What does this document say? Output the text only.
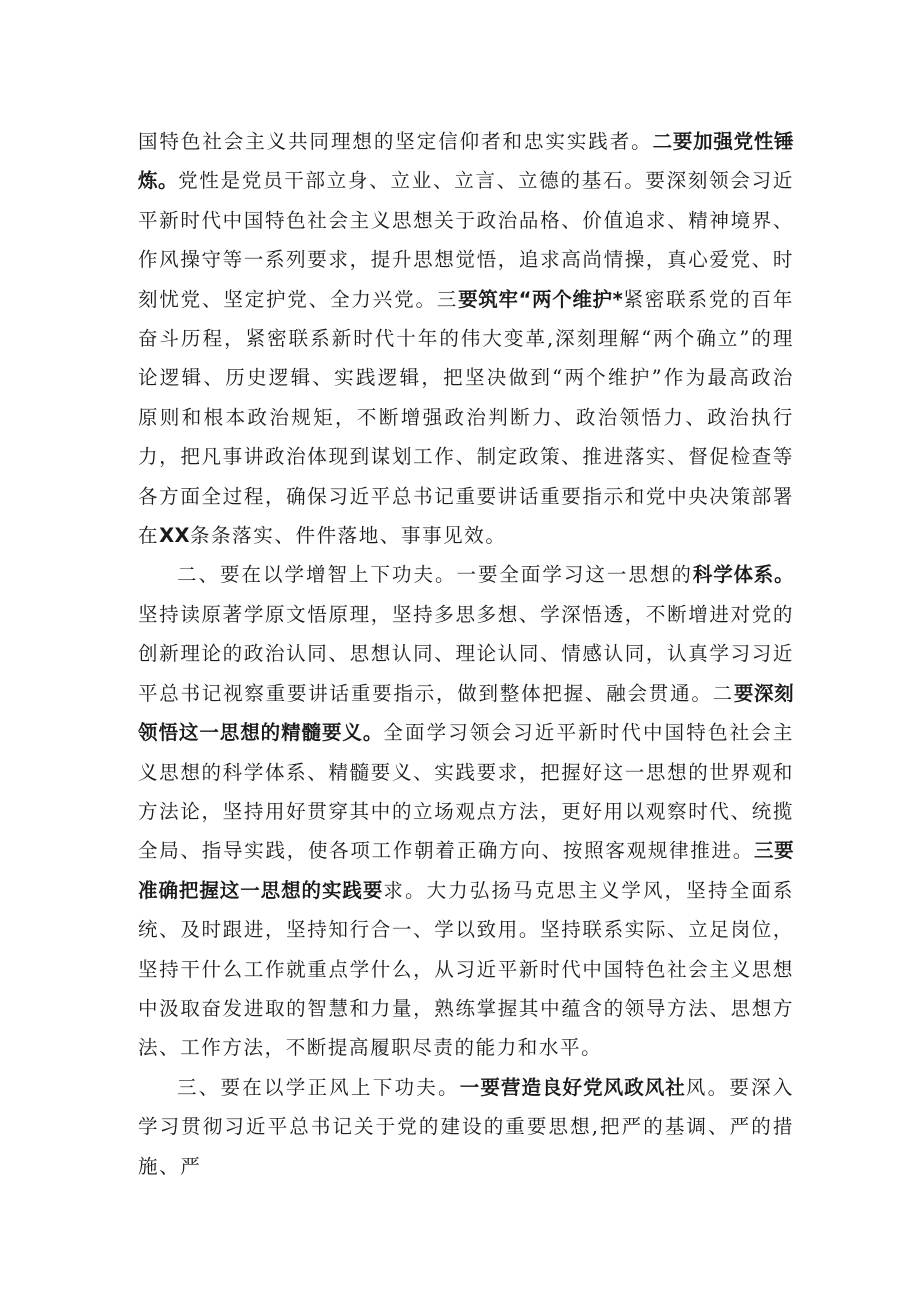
国特色社会主义共同理想的坚定信仰者和忠实实践者。二要加强党性锤炼。党性是党员干部立身、立业、立言、立德的基石。要深刻领会习近平新时代中国特色社会主义思想关于政治品格、价值追求、精神境界、作风操守等一系列要求，提升思想觉悟，追求高尚情操，真心爱党、时刻忧党、坚定护党、全力兴党。三要筑牢“两个维护*紧密联系党的百年奋斗历程，紧密联系新时代十年的伟大变革,深刻理解“两个确立”的理论逻辑、历史逻辑、实践逻辑，把坚决做到“两个维护”作为最高政治原则和根本政治规矩，不断增强政治判断力、政治领悟力、政治执行力，把凡事讲政治体现到谋划工作、制定政策、推进落实、督促检查等各方面全过程，确保习近平总书记重要讲话重要指示和党中央决策部署在XX条条落实、件件落地、事事见效。

二、要在以学增智上下功夫。一要全面学习这一思想的科学体系。坚持读原著学原文悟原理，坚持多思多想、学深悟透，不断增进对党的创新理论的政治认同、思想认同、理论认同、情感认同，认真学习习近平总书记视察重要讲话重要指示，做到整体把握、融会贯通。二要深刻领悟这一思想的精髓要义。全面学习领会习近平新时代中国特色社会主义思想的科学体系、精髓要义、实践要求，把握好这一思想的世界观和方法论，坚持用好贯穿其中的立场观点方法，更好用以观察时代、统揽全局、指导实践，使各项工作朝着正确方向、按照客观规律推进。三要准确把握这一思想的实践要求。大力弘扬马克思主义学风，坚持全面系统、及时跟进，坚持知行合一、学以致用。坚持联系实际、立足岗位，坚持干什么工作就重点学什么，从习近平新时代中国特色社会主义思想中汲取奋发进取的智慧和力量，熟练掌握其中蕴含的领导方法、思想方法、工作方法，不断提高履职尽责的能力和水平。

三、要在以学正风上下功夫。一要营造良好党风政风社风。要深入学习贯彻习近平总书记关于党的建设的重要思想,把严的基调、严的措施、严
